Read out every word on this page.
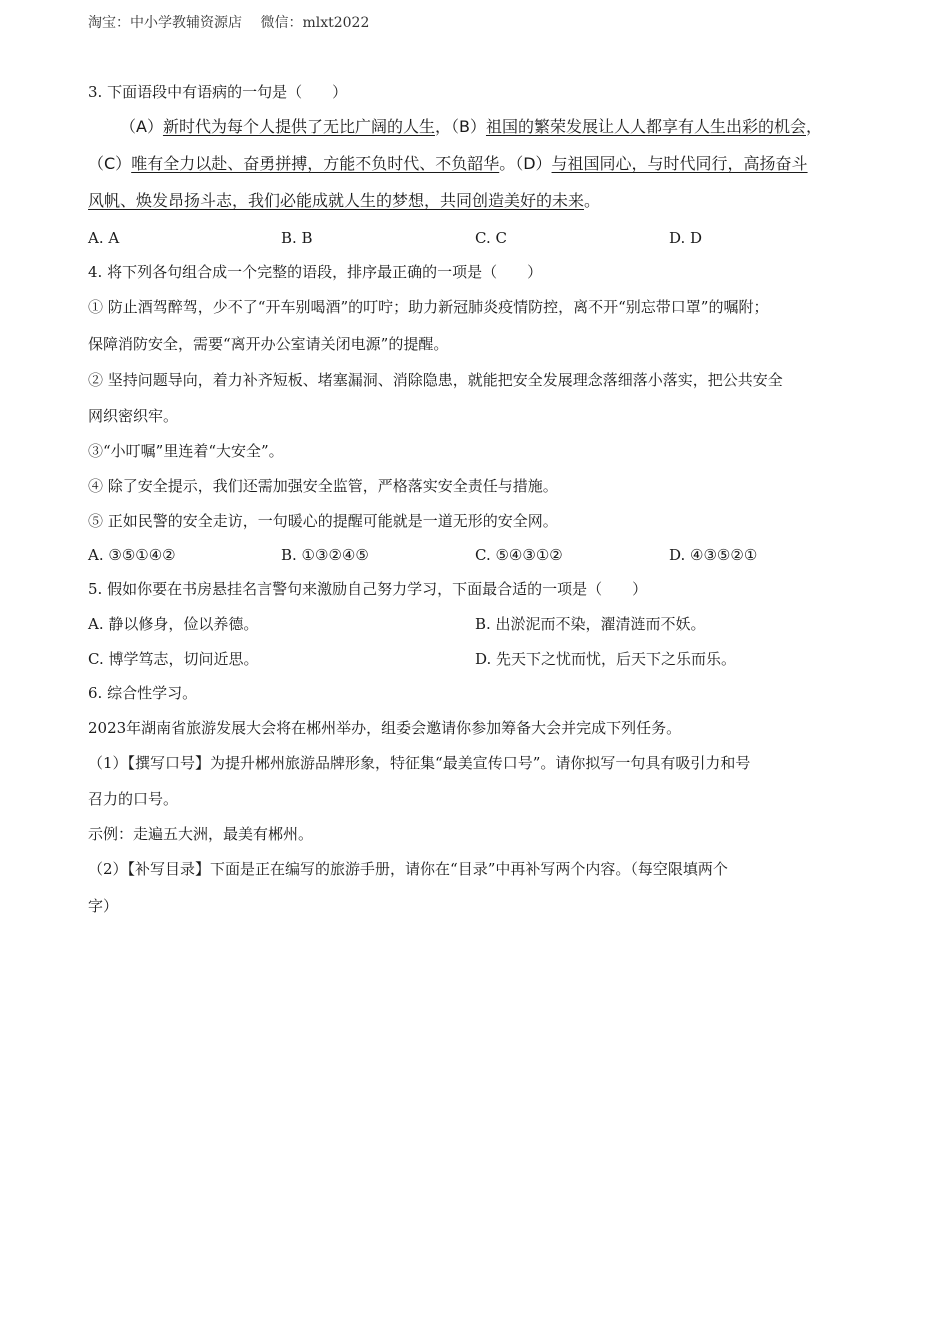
淘宝：中小学教辅资源店 微信：mlxt2022
3. 下面语段中有语病的一句是（　　）
（A）新时代为每个人提供了无比广阔的人生，（B）祖国的繁荣发展让人人都享有人生出彩的机会，
（C）唯有全力以赴、奋勇拼搏，方能不负时代、不负韶华。（D）与祖国同心，与时代同行，高扬奋斗
风帆、焕发昂扬斗志，我们必能成就人生的梦想，共同创造美好的未来。
A. A	B. B	C. C	D. D
4. 将下列各句组合成一个完整的语段，排序最正确的一项是（　　）
① 防止酒驾醉驾，少不了“开车别喝酒”的叮咛；助力新冠肺炎疫情防控，离不开“别忘带口罩”的嘱附；
保障消防安全，需要“离开办公室请关闭电源”的提醒。
② 坚持问题导向，着力补齐短板、堵塞漏洞、消除隐患，就能把安全发展理念落细落小落实，把公共安全
网织密织牢。
③“小叮嘱”里连着“大安全”。
④ 除了安全提示，我们还需加强安全监管，严格落实安全责任与措施。
⑤ 正如民警的安全走访，一句暖心的提醒可能就是一道无形的安全网。
A. ③⑤①④②	B. ①③②④⑤	C. ⑤④③①②	D. ④③⑤②①
5. 假如你要在书房悬挂名言警句来激励自己努力学习，下面最合适的一项是（　　）
A. 静以修身，俭以养德。	B. 出淤泥而不染，濯清涟而不妖。
C. 博学笃志，切问近思。	D. 先天下之忧而忧，后天下之乐而乐。
6. 综合性学习。
2023年湖南省旅游发展大会将在郴州举办，组委会邀请你参加筹备大会并完成下列任务。
（1）【撰写口号】为提升郴州旅游品牌形象，特征集“最美宣传口号”。请你拟写一句具有吸引力和号
召力的口号。
示例：走遍五大洲，最美有郴州。
（2）【补写目录】下面是正在编写的旅游手册，请你在“目录”中再补写两个内容。（每空限填两个
字）
